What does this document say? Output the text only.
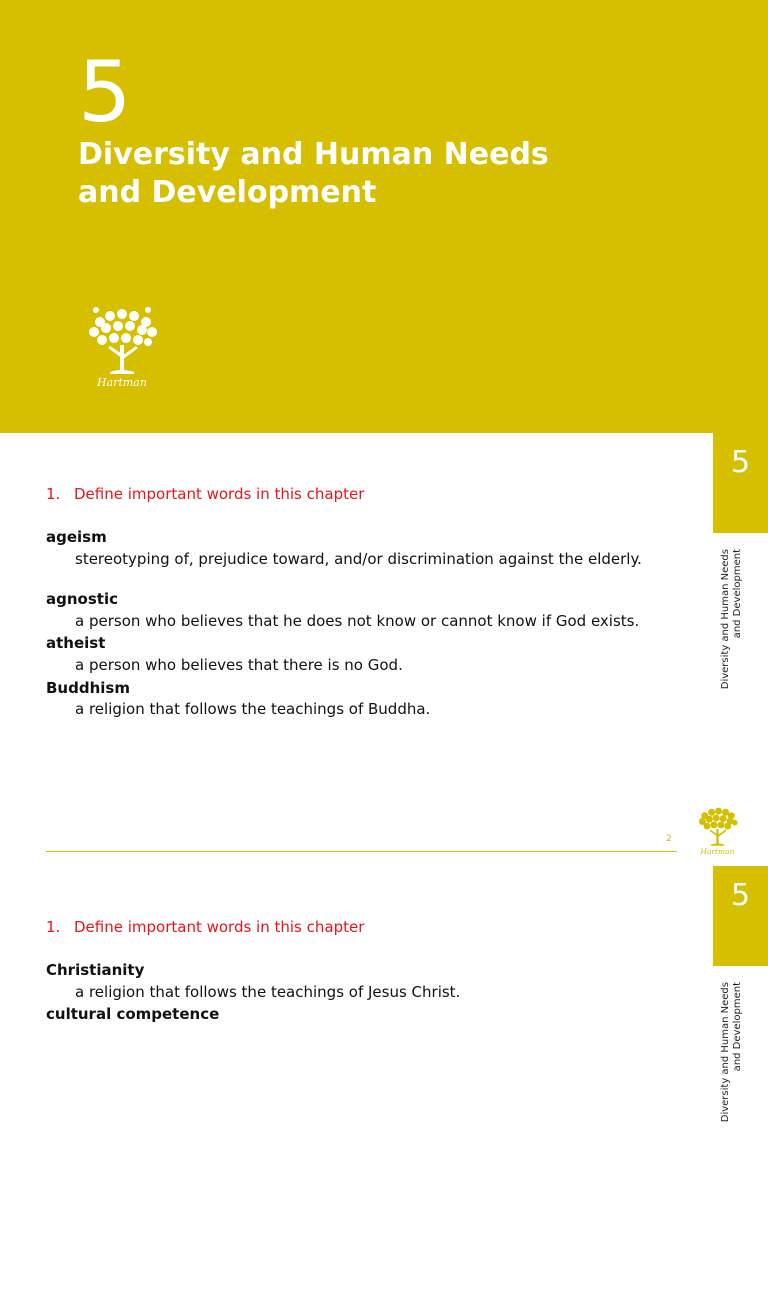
5
Diversity and Human Needs
and Development
Hartman
5
Diversity and Human Needs and Development
1. Define important words in this chapter
ageism
stereotyping of, prejudice toward, and/or discrimination against the elderly.
agnostic
a person who believes that he does not know or cannot know if God exists.
atheist
a person who believes that there is no God.
Buddhism
a religion that follows the teachings of Buddha.
2
Hartman
5
Diversity and Human Needs and Development
1. Define important words in this chapter
Christianity
a religion that follows the teachings of Jesus Christ.
cultural competence
